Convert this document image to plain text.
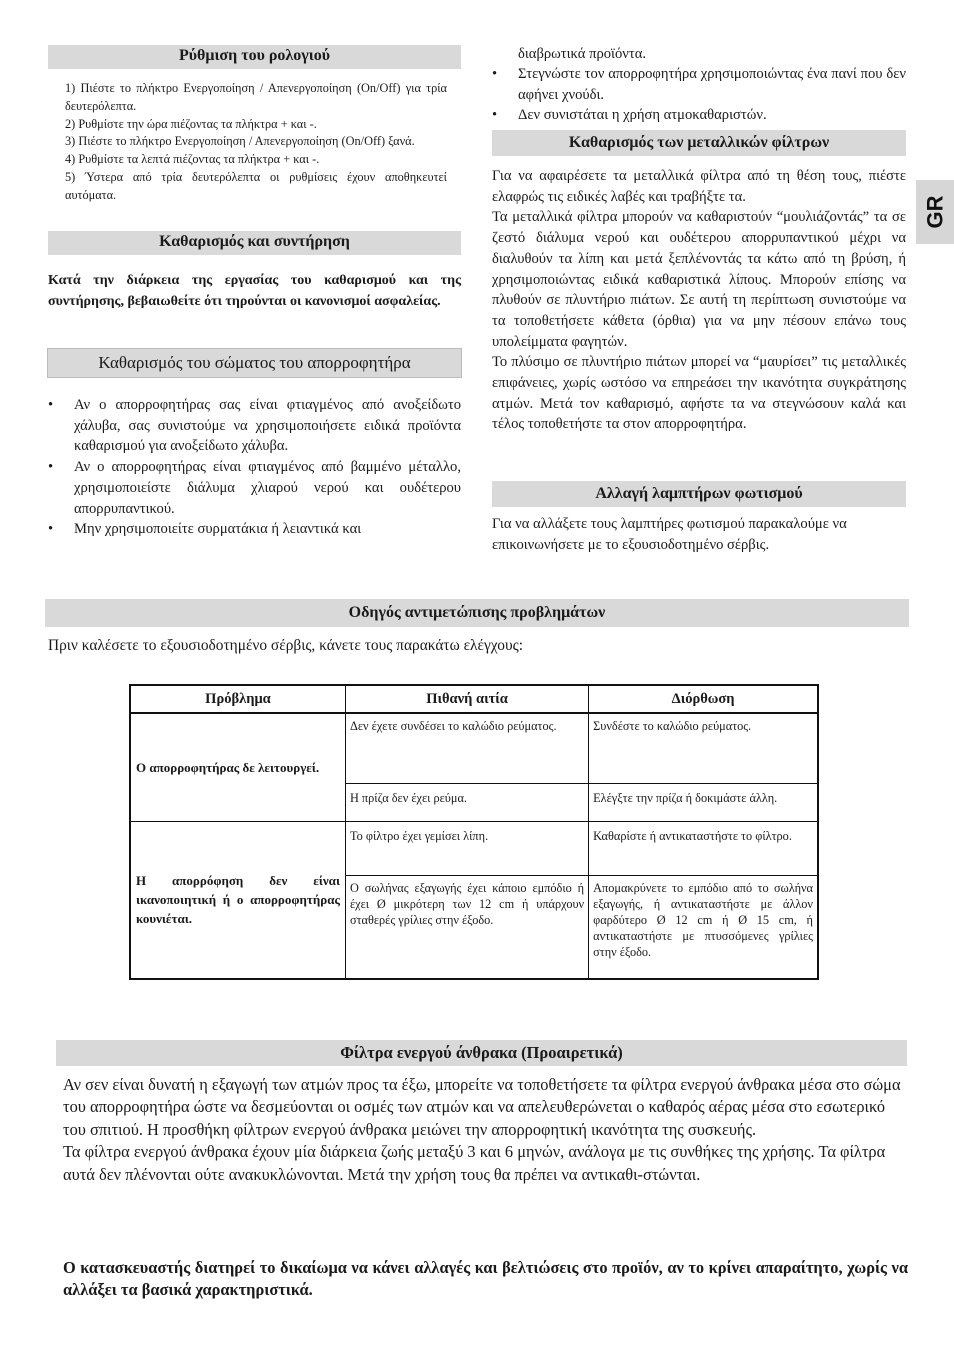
GR
Ρύθμιση του ρολογιού
1) Πιέστε το πλήκτρο Ενεργοποίηση / Απενεργοποίηση (On/Off) για τρία δευτερόλεπτα.
2) Ρυθμίστε την ώρα πιέζοντας τα πλήκτρα + και -.
3) Πιέστε το πλήκτρο Ενεργοποίηση / Απενεργοποίηση (On/Off) ξανά.
4) Ρυθμίστε τα λεπτά πιέζοντας τα πλήκτρα + και -.
5) Ύστερα από τρία δευτερόλεπτα οι ρυθμίσεις έχουν αποθηκευτεί αυτόματα.
Καθαρισμός και συντήρηση
Κατά την διάρκεια της εργασίας του καθαρισμού και της συντήρησης, βεβαιωθείτε ότι τηρούνται οι κανονισμοί ασφαλείας.
Καθαρισμός του σώματος του απορροφητήρα
• Αν ο απορροφητήρας σας είναι φτιαγμένος από ανοξείδωτο χάλυβα, σας συνιστούμε να χρησιμοποιήσετε ειδικά προϊόντα καθαρισμού για ανοξείδωτο χάλυβα.
• Αν ο απορροφητήρας είναι φτιαγμένος από βαμμένο μέταλλο, χρησιμοποιείστε διάλυμα χλιαρού νερού και ουδέτερου απορρυπαντικού.
• Μην χρησιμοποιείτε συρματάκια ή λειαντικά και
διαβρωτικά προϊόντα.
• Στεγνώστε τον απορροφητήρα χρησιμοποιώντας ένα πανί που δεν αφήνει χνούδι.
• Δεν συνιστάται η χρήση ατμοκαθαριστών.
Καθαρισμός των μεταλλικών φίλτρων
Για να αφαιρέσετε τα μεταλλικά φίλτρα από τη θέση τους, πιέστε ελαφρώς τις ειδικές λαβές και τραβήξτε τα.
Τα μεταλλικά φίλτρα μπορούν να καθαριστούν “μουλιάζοντάς” τα σε ζεστό διάλυμα νερού και ουδέτερου απορρυπαντικού μέχρι να διαλυθούν τα λίπη και μετά ξεπλένοντάς τα κάτω από τη βρύση, ή χρησιμοποιώντας ειδικά καθαριστικά λίπους. Μπορούν επίσης να πλυθούν σε πλυντήριο πιάτων. Σε αυτή τη περίπτωση συνιστούμε να τα τοποθετήσετε κάθετα (όρθια) για να μην πέσουν επάνω τους υπολείμματα φαγητών.
Το πλύσιμο σε πλυντήριο πιάτων μπορεί να “μαυρίσει” τις μεταλλικές επιφάνειες, χωρίς ωστόσο να επηρεάσει την ικανότητα συγκράτησης ατμών. Μετά τον καθαρισμό, αφήστε τα να στεγνώσουν καλά και τέλος τοποθετήστε τα στον απορροφητήρα.
Αλλαγή λαμπτήρων φωτισμού
Για να αλλάξετε τους λαμπτήρες φωτισμού παρακαλούμε να επικοινωνήσετε με το εξουσιοδοτημένο σέρβις.
Οδηγός αντιμετώπισης προβλημάτων
Πριν καλέσετε το εξουσιοδοτημένο σέρβις, κάνετε τους παρακάτω ελέγχους:
Πρόβλημα	Πιθανή αιτία	Διόρθωση
Ο απορροφητήρας δε λειτουργεί.	Δεν έχετε συνδέσει το καλώδιο ρεύματος.	Συνδέστε το καλώδιο ρεύματος.
	Η πρίζα δεν έχει ρεύμα.	Ελέγξτε την πρίζα ή δοκιμάστε άλλη.
Η απορρόφηση δεν είναι ικανοποιητική ή ο απορροφητήρας κουνιέται.	Το φίλτρο έχει γεμίσει λίπη.	Καθαρίστε ή αντικαταστήστε το φίλτρο.
	Ο σωλήνας εξαγωγής έχει κάποιο εμπόδιο ή έχει Ø μικρότερη των 12 cm ή υπάρχουν σταθερές γρίλιες στην έξοδο.	Απομακρύνετε το εμπόδιο από το σωλήνα εξαγωγής, ή αντικαταστήστε με άλλον φαρδύτερο Ø 12 cm ή Ø 15 cm, ή αντικαταστήστε με πτυσσόμενες γρίλιες στην έξοδο.
Φίλτρα ενεργού άνθρακα (Προαιρετικά)
Αν σεν είναι δυνατή η εξαγωγή των ατμών προς τα έξω, μπορείτε να τοποθετήσετε τα φίλτρα ενεργού άνθρακα μέσα στο σώμα του απορροφητήρα ώστε να δεσμεύονται οι οσμές των ατμών και να απελευθερώνεται ο καθαρός αέρας μέσα στο εσωτερικό του σπιτιού. Η προσθήκη φίλτρων ενεργού άνθρακα μειώνει την απορροφητική ικανότητα της συσκευής.
Τα φίλτρα ενεργού άνθρακα έχουν μία διάρκεια ζωής μεταξύ 3 και 6 μηνών, ανάλογα με τις συνθήκες της χρήσης. Τα φίλτρα αυτά δεν πλένονται ούτε ανακυκλώνονται. Μετά την χρήση τους θα πρέπει να αντικαθι-στώνται.
Ο κατασκευαστής διατηρεί το δικαίωμα να κάνει αλλαγές και βελτιώσεις στο προϊόν, αν το κρίνει απαραίτητο, χωρίς να αλλάξει τα βασικά χαρακτηριστικά.
